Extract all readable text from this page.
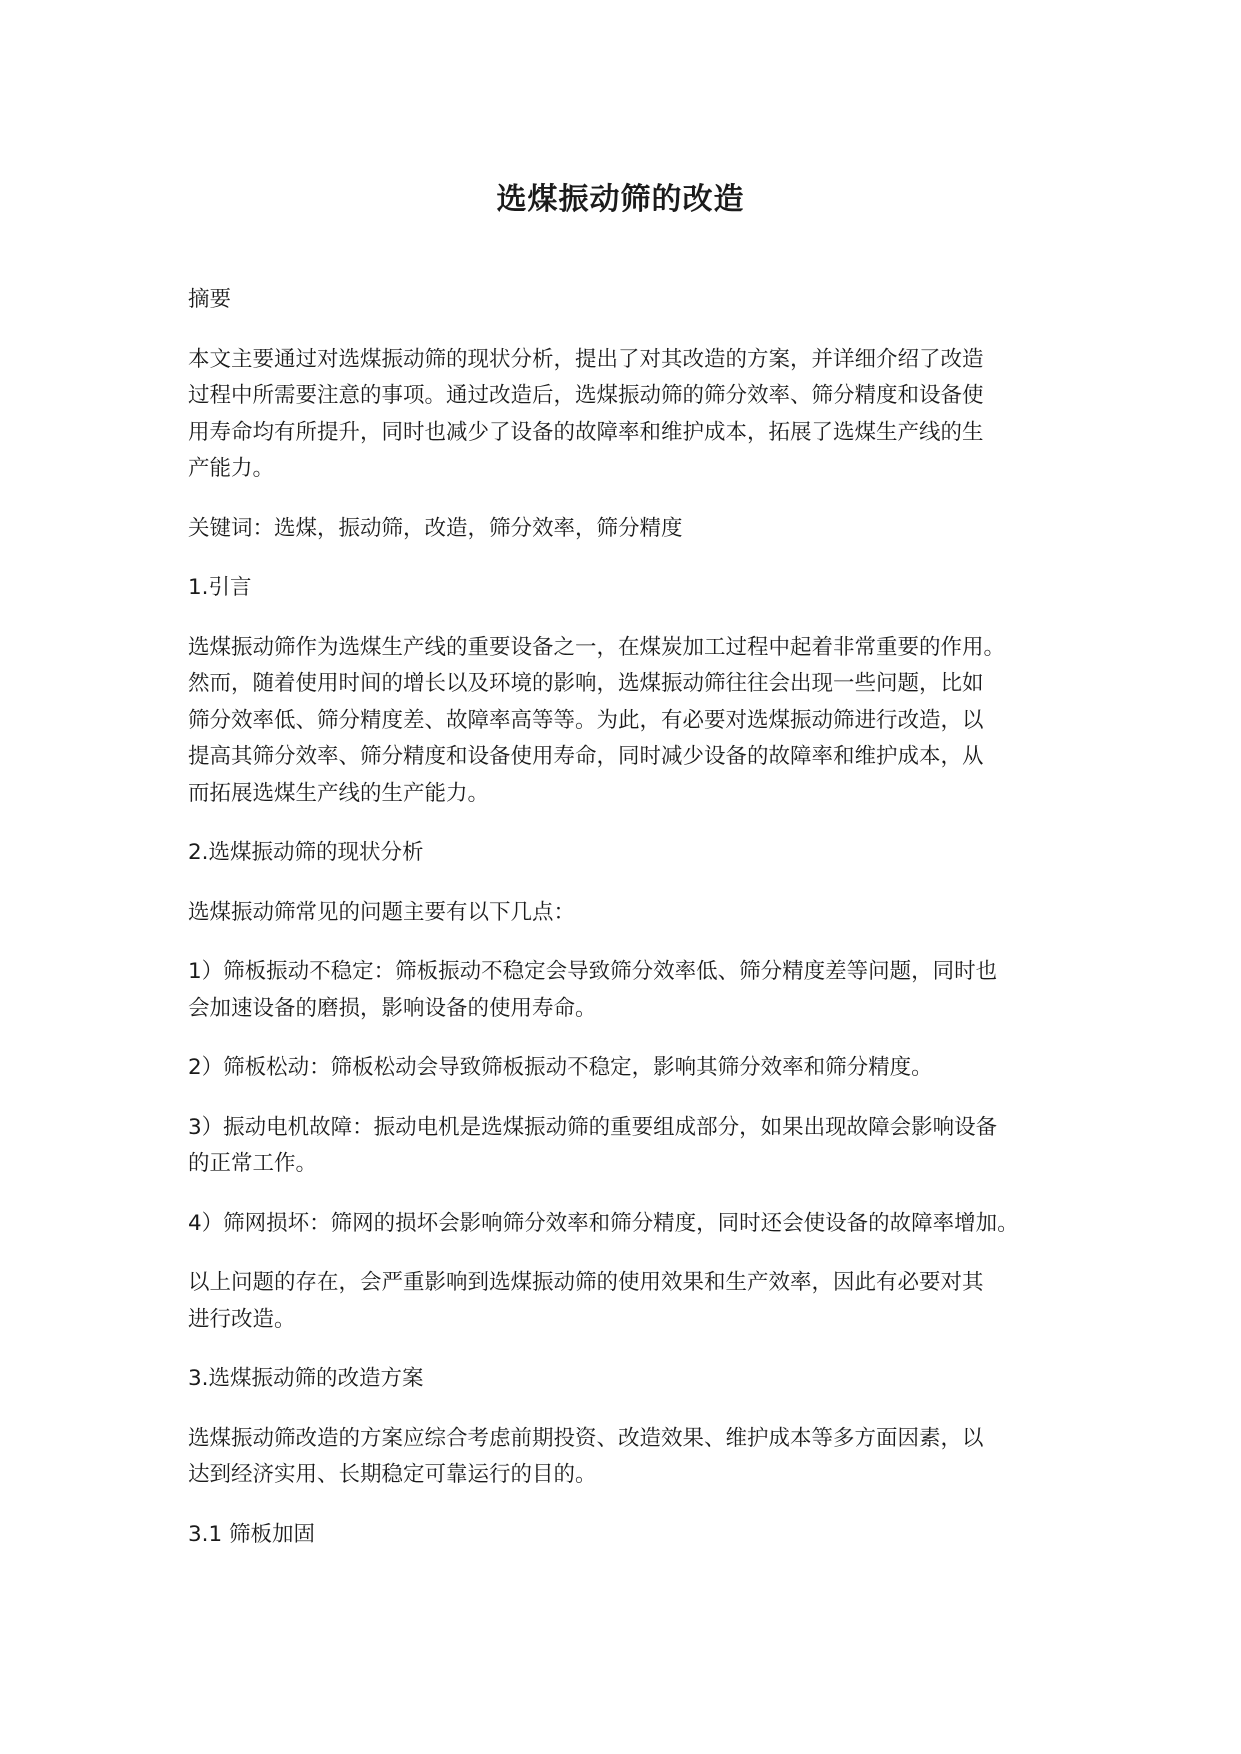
选煤振动筛的改造
摘要
本文主要通过对选煤振动筛的现状分析，提出了对其改造的方案，并详细介绍了改造
过程中所需要注意的事项。通过改造后，选煤振动筛的筛分效率、筛分精度和设备使
用寿命均有所提升，同时也减少了设备的故障率和维护成本，拓展了选煤生产线的生
产能力。
关键词：选煤，振动筛，改造，筛分效率，筛分精度
1.引言
选煤振动筛作为选煤生产线的重要设备之一，在煤炭加工过程中起着非常重要的作用。
然而，随着使用时间的增长以及环境的影响，选煤振动筛往往会出现一些问题，比如
筛分效率低、筛分精度差、故障率高等等。为此，有必要对选煤振动筛进行改造，以
提高其筛分效率、筛分精度和设备使用寿命，同时减少设备的故障率和维护成本，从
而拓展选煤生产线的生产能力。
2.选煤振动筛的现状分析
选煤振动筛常见的问题主要有以下几点：
1）筛板振动不稳定：筛板振动不稳定会导致筛分效率低、筛分精度差等问题，同时也
会加速设备的磨损，影响设备的使用寿命。
2）筛板松动：筛板松动会导致筛板振动不稳定，影响其筛分效率和筛分精度。
3）振动电机故障：振动电机是选煤振动筛的重要组成部分，如果出现故障会影响设备
的正常工作。
4）筛网损坏：筛网的损坏会影响筛分效率和筛分精度，同时还会使设备的故障率增加。
以上问题的存在，会严重影响到选煤振动筛的使用效果和生产效率，因此有必要对其
进行改造。
3.选煤振动筛的改造方案
选煤振动筛改造的方案应综合考虑前期投资、改造效果、维护成本等多方面因素，以
达到经济实用、长期稳定可靠运行的目的。
3.1 筛板加固
